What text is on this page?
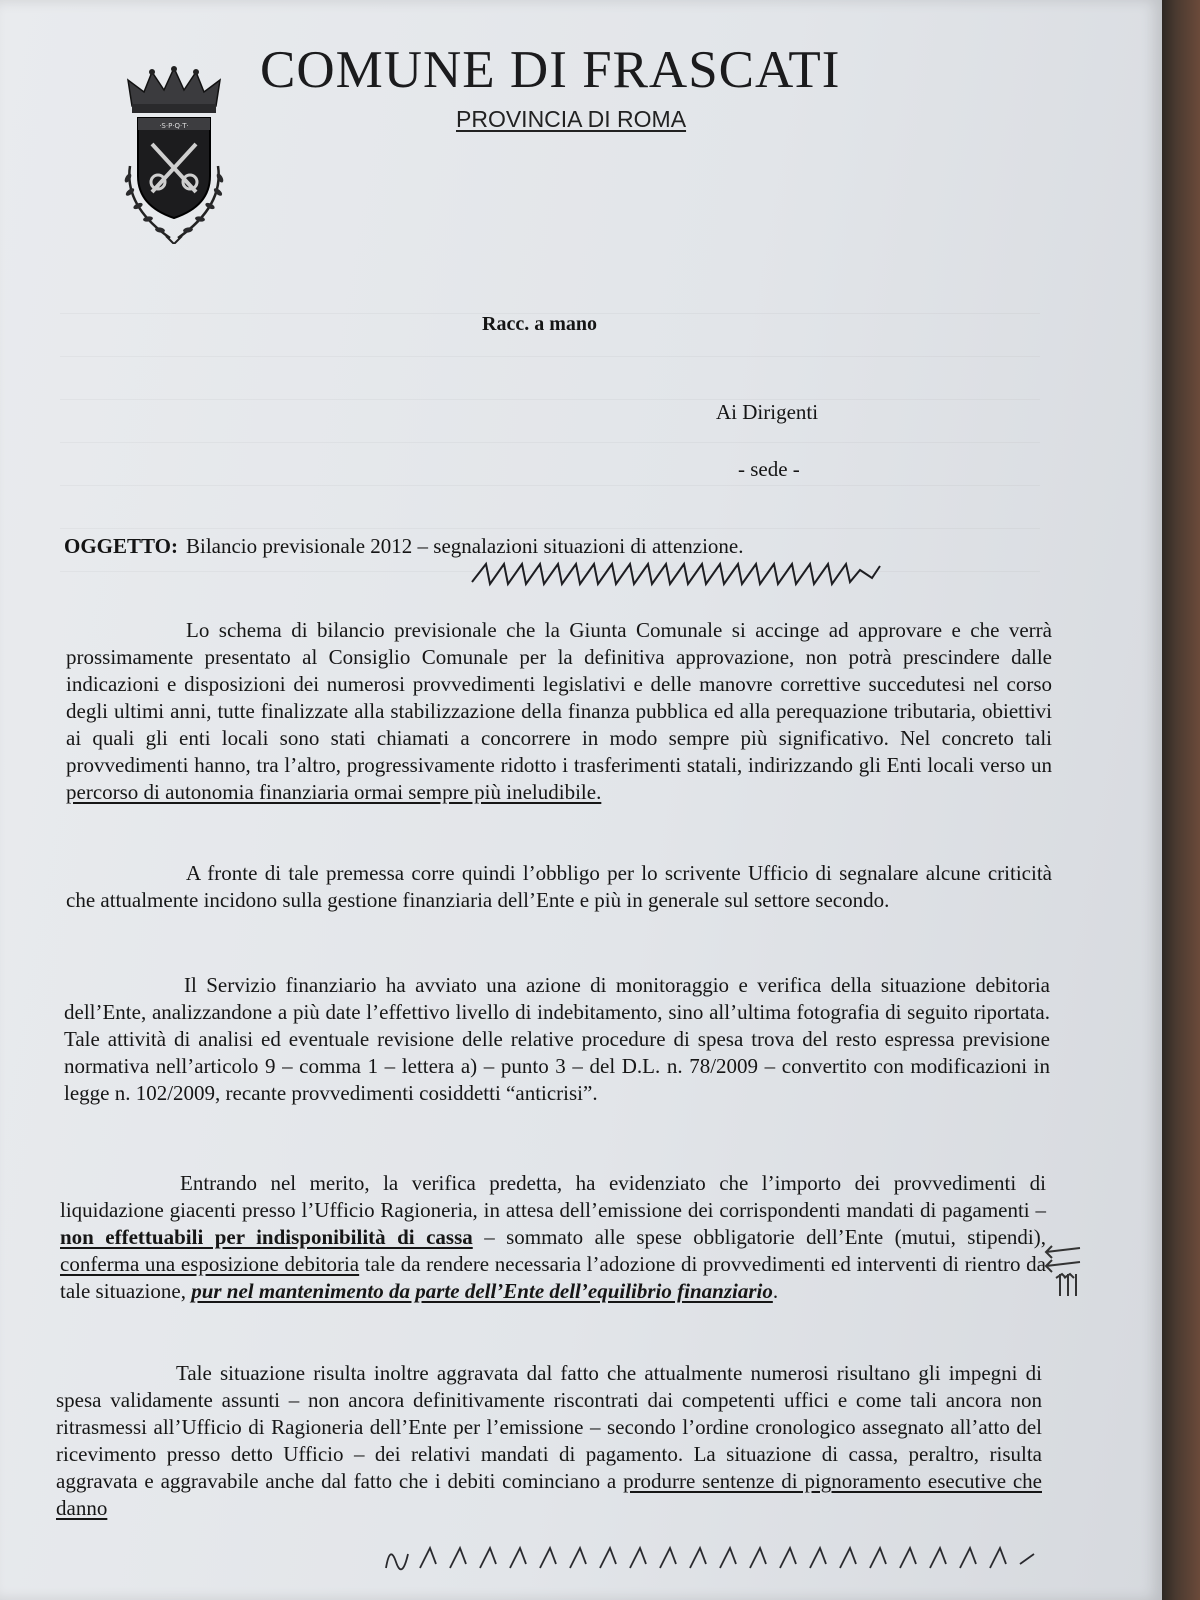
·S·P·Q·T·
COMUNE DI FRASCATI
PROVINCIA DI ROMA
Racc. a mano
Ai Dirigenti
- sede -
OGGETTO: Bilancio previsionale 2012 – segnalazioni situazioni di attenzione.
Lo schema di bilancio previsionale che la Giunta Comunale si accinge ad approvare e che verrà prossimamente presentato al Consiglio Comunale per la definitiva approvazione, non potrà prescindere dalle indicazioni e disposizioni dei numerosi provvedimenti legislativi e delle manovre correttive succedutesi nel corso degli ultimi anni, tutte finalizzate alla stabilizzazione della finanza pubblica ed alla perequazione tributaria, obiettivi ai quali gli enti locali sono stati chiamati a concorrere in modo sempre più significativo. Nel concreto tali provvedimenti hanno, tra l’altro, progressivamente ridotto i trasferimenti statali, indirizzando gli Enti locali verso un percorso di autonomia finanziaria ormai sempre più ineludibile.
A fronte di tale premessa corre quindi l’obbligo per lo scrivente Ufficio di segnalare alcune criticità che attualmente incidono sulla gestione finanziaria dell’Ente e più in generale sul settore secondo.
Il Servizio finanziario ha avviato una azione di monitoraggio e verifica della situazione debitoria dell’Ente, analizzandone a più date l’effettivo livello di indebitamento, sino all’ultima fotografia di seguito riportata. Tale attività di analisi ed eventuale revisione delle relative procedure di spesa trova del resto espressa previsione normativa nell’articolo 9 – comma 1 – lettera a) – punto 3 – del D.L. n. 78/2009 – convertito con modificazioni in legge n. 102/2009, recante provvedimenti cosiddetti “anticrisi”.
Entrando nel merito, la verifica predetta, ha evidenziato che l’importo dei provvedimenti di liquidazione giacenti presso l’Ufficio Ragioneria, in attesa dell’emissione dei corrispondenti mandati di pagamenti – non effettuabili per indisponibilità di cassa – sommato alle spese obbligatorie dell’Ente (mutui, stipendi), conferma una esposizione debitoria tale da rendere necessaria l’adozione di provvedimenti ed interventi di rientro da tale situazione, pur nel mantenimento da parte dell’Ente dell’equilibrio finanziario.
Tale situazione risulta inoltre aggravata dal fatto che attualmente numerosi risultano gli impegni di spesa validamente assunti – non ancora definitivamente riscontrati dai competenti uffici e come tali ancora non ritrasmessi all’Ufficio di Ragioneria dell’Ente per l’emissione – secondo l’ordine cronologico assegnato all’atto del ricevimento presso detto Ufficio – dei relativi mandati di pagamento. La situazione di cassa, peraltro, risulta aggravata e aggravabile anche dal fatto che i debiti cominciano a produrre sentenze di pignoramento esecutive che danno
